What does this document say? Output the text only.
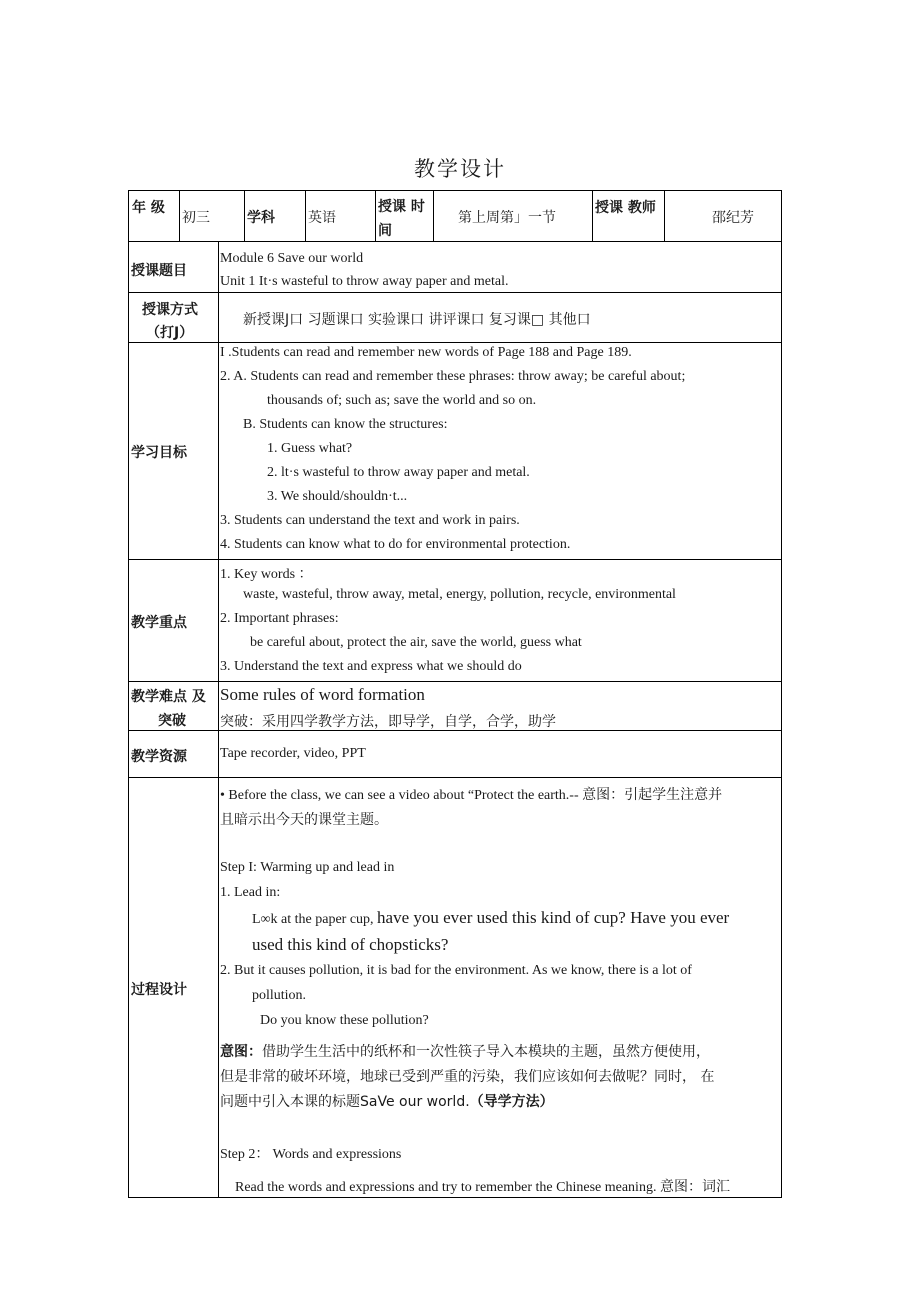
教学设计
年 级
初三	学科 英语
授课 时
间
第上周第」一节
授课 教师
邵纪芳
授课题目
Module 6 Save our world
Unit 1 It·s wasteful to throw away paper and metal.
授课方式
（打J）
新授课J口 习题课口 实验课口 讲评课口 复习课□ 其他口
学习目标
I .Students can read and remember new words of Page 188 and Page 189.
2. A. Students can read and remember these phrases: throw away; be careful about;
thousands of; such as; save the world and so on.
B. Students can know the structures:
1. Guess what?
2. lt·s wasteful to throw away paper and metal.
3. We should/shouldn·t...
3. Students can understand the text and work in pairs.
4. Students can know what to do for environmental protection.
教学重点
1. Key words ：
waste, wasteful, throw away, metal, energy, pollution, recycle, environmental
2. Important phrases:
be careful about, protect the air, save the world, guess what
3. Understand the text and express what we should do
教学难点 及
突破
Some rules of word formation
突破：采用四学教学方法，即导学，自学，合学，助学
教学资源 Tape recorder, video, PPT
过程设计
• Before the class, we can see a video about “Protect the earth.-- 意图：引起学生注意并
且暗示出今天的课堂主题。
Step I: Warming up and lead in
1. Lead in:
L∞k at the paper cup, have you ever used this kind of cup? Have you ever
used this kind of chopsticks?
2. But it causes pollution, it is bad for the environment. As we know, there is a lot of
pollution.
Do you know these pollution?
意图：借助学生生活中的纸杯和一次性筷子导入本模块的主题，虽然方便使用，
但是非常的破坏环境，地球已受到严重的污染，我们应该如何去做呢？同时， 在
问题中引入本课的标题SaVe our world.（导学方法）
Step 2： Words and expressions
Read the words and expressions and try to remember the Chinese meaning. 意图：词汇
